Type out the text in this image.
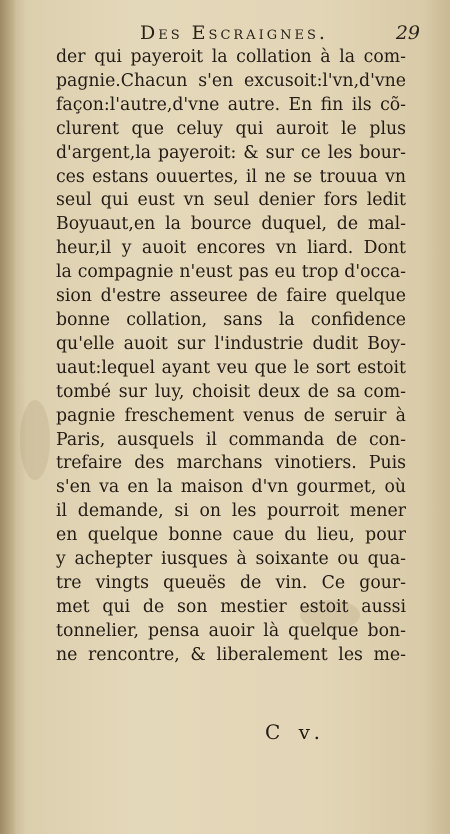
Des Escraignes.	29
der qui payeroit la collation à la com-
pagnie.Chacun s'en excusoit:l'vn,d'vne
façon:l'autre,d'vne autre. En fin ils cõ-
clurent que celuy qui auroit le plus
d'argent,la payeroit: & sur ce les bour-
ces estans ouuertes, il ne se trouua vn
seul qui eust vn seul denier fors ledit
Boyuaut,en la bource duquel, de mal-
heur,il y auoit encores vn liard. Dont
la compagnie n'eust pas eu trop d'occa-
sion d'estre asseuree de faire quelque
bonne collation, sans la confidence
qu'elle auoit sur l'industrie dudit Boy-
uaut:lequel ayant veu que le sort estoit
tombé sur luy, choisit deux de sa com-
pagnie freschement venus de seruir à
Paris, ausquels il commanda de con-
trefaire des marchans vinotiers. Puis
s'en va en la maison d'vn gourmet, où
il demande, si on les pourroit mener
en quelque bonne caue du lieu, pour
y achepter iusques à soixante ou qua-
tre vingts queuës de vin. Ce gour-
met qui de son mestier estoit aussi
tonnelier, pensa auoir là quelque bon-
ne rencontre, & liberalement les me-
C v.
